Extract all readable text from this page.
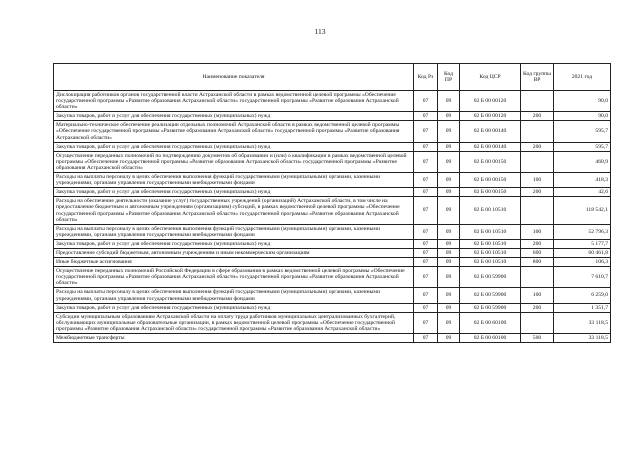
113
Наименование показателя	Код Рз	Код ПР	Код ЦСР	Код группы ВР	2021 год
Дислокирация работников органов государственной власти Астраханской области в рамках ведомственной целевой программы «Обеспечение государственной программы «Развитие образования Астраханской области» государственной программы «Развитие образования Астраханской области»	07	09	02 Б 00 00120		90,0
Закупка товаров, работ и услуг для обеспечения государственных (муниципальных) нужд	07	09	02 Б 00 00120	200	90,0
Материально-техническое обеспечение реализации отдельных полномочий Астраханской области в рамках ведомственной целевой программы «Обеспечение государственной программы «Развитие образования Астраханской области» государственной программы «Развитие образования Астраханской области»	07	09	02 Б 00 00140		595,7
Закупка товаров, работ и услуг для обеспечения государственных (муниципальных) нужд	07	09	02 Б 00 00140	200	595,7
Осуществление переданных полномочий по подтверждению документов об образовании и (или) о квалификации в рамках ведомственной целевой программы «Обеспечение государственной программы «Развитие образования Астраханской области» государственной программы «Развитие образования Астраханской области»	07	09	02 Б 00 00150		460,9
Расходы на выплаты персоналу в целях обеспечения выполнения функций государственными (муниципальными) органами, казенными учреждениями, органами управления государственными внебюджетными фондами	07	09	02 Б 00 00150	100	418,3
Закупка товаров, работ и услуг для обеспечения государственных (муниципальных) нужд	07	09	02 Б 00 00150	200	42,6
Расходы на обеспечение деятельности (оказание услуг) государственных учреждений (организаций) Астраханской области, в том числе на предоставление бюджетным и автономным учреждениям (организациям) субсидий, в рамках ведомственной целевой программы «Обеспечение государственной программы «Развитие образования Астраханской области» государственной программы «Развитие образования Астраханской области»	07	09	02 Б 00 10510		118 542,1
Расходы на выплаты персоналу в целях обеспечения выполнения функций государственными (муниципальными) органами, казенными учреждениями, органами управления государственными внебюджетными фондами	07	09	02 Б 00 10510	100	52 796,3
Закупка товаров, работ и услуг для обеспечения государственных (муниципальных) нужд	07	09	02 Б 00 10510	200	5 177,7
Предоставление субсидий бюджетным, автономным учреждениям и иным некоммерческим организациям	07	09	02 Б 00 10510	600	60 461,8
Иные бюджетные ассигнования	07	09	02 Б 00 10510	800	106,3
Осуществление переданных полномочий Российской Федерации в сфере образования в рамках ведомственной целевой программы «Обеспечение государственной программы «Развитие образования Астраханской области» государственной программы «Развитие образования Астраханской области»	07	09	02 Б 00 59900		7 610,7
Расходы на выплаты персоналу в целях обеспечения выполнения функций государственными (муниципальными) органами, казенными учреждениями, органами управления государственными внебюджетными фондами	07	09	02 Б 00 59900	100	6 259,0
Закупка товаров, работ и услуг для обеспечения государственных (муниципальных) нужд	07	09	02 Б 00 59900	200	1 351,7
Субсидии муниципальным образованиям Астраханской области на оплату труда работников муниципальных централизованных бухгалтерий, обслуживающих муниципальные образовательные организации, в рамках ведомственной целевой программы «Обеспечение государственной программы «Развитие образования Астраханской области» государственной программы «Развитие образования Астраханской области»	07	09	02 Б 00 60100		33 118,5
Межбюджетные трансферты	07	09	02 Б 00 60100	500	33 118,5
